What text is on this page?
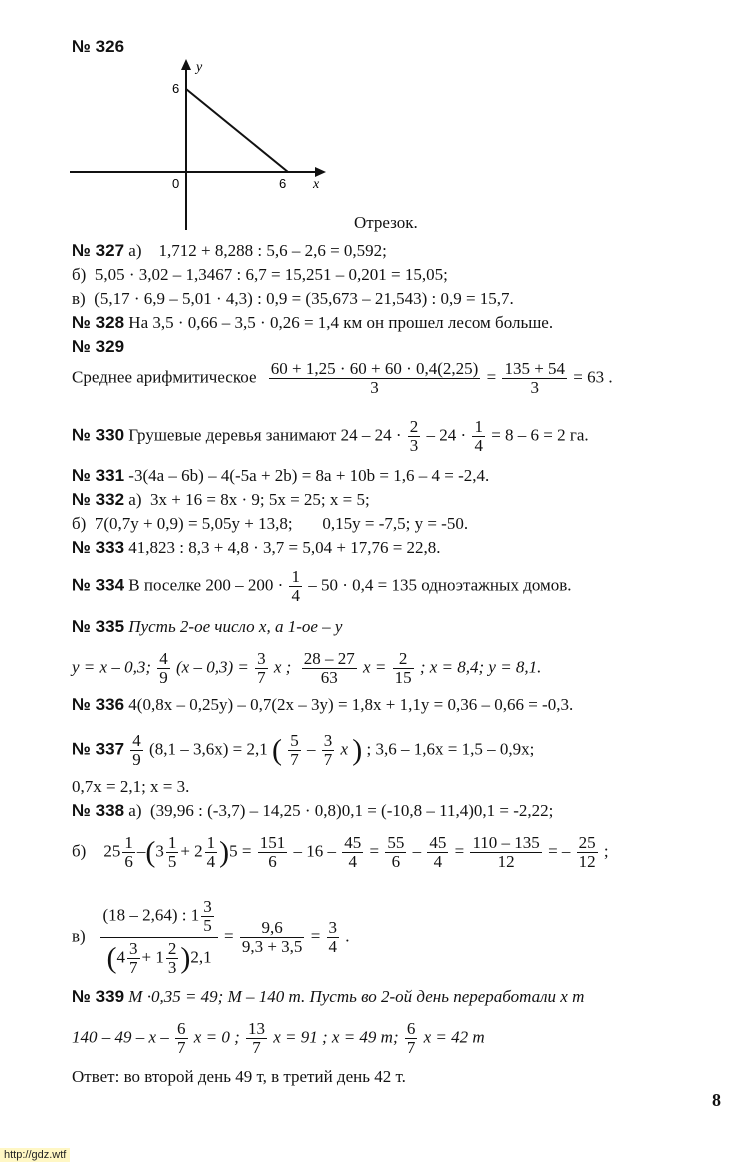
№ 326
y
x
6
6
0
Отрезок.
№ 327 а) 1,712 + 8,288 : 5,6 – 2,6 = 0,592;
б) 5,05 · 3,02 – 1,3467 : 6,7 = 15,251 – 0,201 = 15,05;
в) (5,17 · 6,9 – 5,01 · 4,3) : 0,9 = (35,673 – 21,543) : 0,9 = 15,7.
№ 328 На 3,5 · 0,66 – 3,5 · 0,26 = 1,4 км он прошел лесом больше.
№ 329
Среднее арифмитическое $\frac{60 + 1,25 \cdot 60 + 60 \cdot 0,4(2,25)}{3} = \frac{135 + 54}{3} = 63$ .
№ 330 Грушевые деревья занимают $24 - 24 \cdot \frac{2}{3} - 24 \cdot \frac{1}{4} = 8 - 6 = 2$ га.
№ 331 -3(4a – 6b) – 4(-5a + 2b) = 8a + 10b = 1,6 – 4 = -2,4.
№ 332 а) 3x + 16 = 8x · 9; 5x = 25; x = 5;
б) 7(0,7y + 0,9) = 5,05y + 13,8; 0,15y = -7,5; y = -50.
№ 333 41,823 : 8,3 + 4,8 · 3,7 = 5,04 + 17,76 = 22,8.
№ 334 В поселке $200 - 200 \cdot \frac{1}{4} - 50 \cdot 0,4 = 135$ одноэтажных домов.
№ 335 Пусть 2-ое число x, а 1-ое – y
y = x – 0,3; $\frac{4}{9} (x - 0,3) = \frac{3}{7}$ x ; $\frac{28 - 27}{63}$ $x = \frac{2}{15}$ ; x = 8,4; y = 8,1.
№ 336 4(0,8x – 0,25y) – 0,7(2x – 3y) = 1,8x + 1,1y = 0,36 – 0,66 = -0,3.
№ $337 \frac{4}{9} (8,1 - 3,6x) = 2,1$ ( $\frac{5}{7} - \frac{3}{7}$ x ) ; 3,6 – 1,6x = 1,5 – 0,9x;
0,7x = 2,1; x = 3.
№ 338 а) (39,96 : (-3,7) – 14,25 · 0,8)0,1 = (-10,8 – 11,4)0,1 = -2,22;
б) $25 \frac{1}{6} -(3 \frac{1}{5} + 2 \frac{1}{4} )5 = \frac{151}{6} - 16 - \frac{45}{4} = \frac{55}{6} - \frac{45}{4} = \frac{110 - 135}{12}$ = – $\frac{25}{12}$ ;
$в) \frac{(18 - 2,64) : 1 \frac{3}{5}}{(4 \frac{3}{7} + 1 \frac{2}{3} )2,1} = \frac{9,6}{9,3 + 3,5} = \frac{3}{4}$ .
№ 339 М ·0,35 = 49; М – 140 т. Пусть во 2-ой день переработали x т
140 – 49 – x – $\frac{6}{7}$ x = 0 ; $\frac{13}{7}$ x = 91 ; x = 49 т; $\frac{6}{7}$ x = 42 т
Ответ: во второй день 49 т, в третий день 42 т.
8
http://gdz.wtf
